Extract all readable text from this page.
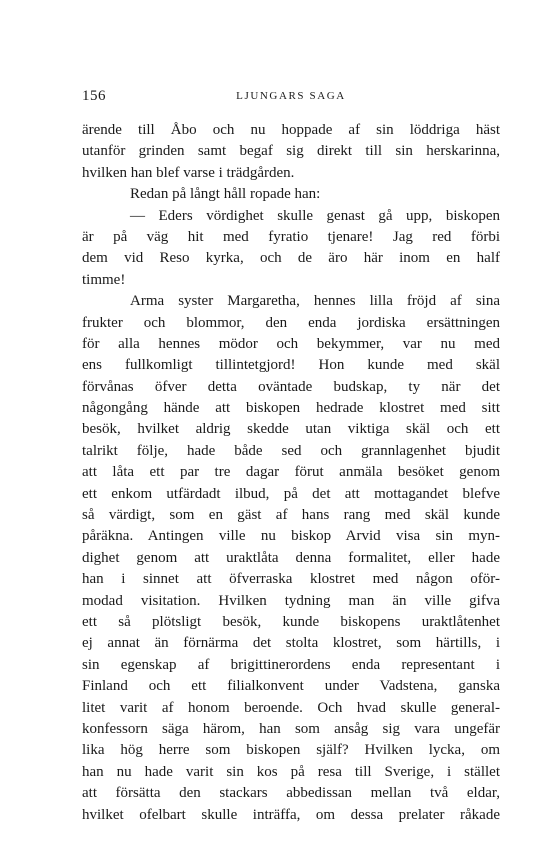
156	LJUNGARS SAGA
ärende till Åbo och nu hoppade af sin löddriga häst
utanför grinden samt begaf sig direkt till sin herskarinna,
hvilken han blef varse i trädgården.
Redan på långt håll ropade han:
— Eders vördighet skulle genast gå upp, biskopen
är på väg hit med fyratio tjenare! Jag red förbi
dem vid Reso kyrka, och de äro här inom en half
timme!
Arma syster Margaretha, hennes lilla fröjd af sina
frukter och blommor, den enda jordiska ersättningen
för alla hennes mödor och bekymmer, var nu med
ens fullkomligt tillintetgjord! Hon kunde med skäl
förvånas öfver detta oväntade budskap, ty när det
någongång hände att biskopen hedrade klostret med sitt
besök, hvilket aldrig skedde utan viktiga skäl och ett
talrikt följe, hade både sed och grannlagenhet bjudit
att låta ett par tre dagar förut anmäla besöket genom
ett enkom utfärdadt ilbud, på det att mottagandet blefve
så värdigt, som en gäst af hans rang med skäl kunde
påräkna. Antingen ville nu biskop Arvid visa sin myn-
dighet genom att uraktlåta denna formalitet, eller hade
han i sinnet att öfverraska klostret med någon oför-
modad visitation. Hvilken tydning man än ville gifva
ett så plötsligt besök, kunde biskopens uraktlåtenhet
ej annat än förnärma det stolta klostret, som härtills, i
sin egenskap af brigittinerordens enda representant i
Finland och ett filialkonvent under Vadstena, ganska
litet varit af honom beroende. Och hvad skulle general-
konfessorn säga härom, han som ansåg sig vara ungefär
lika hög herre som biskopen själf? Hvilken lycka, om
han nu hade varit sin kos på resa till Sverige, i stället
att försätta den stackars abbedissan mellan två eldar,
hvilket ofelbart skulle inträffa, om dessa prelater råkade
